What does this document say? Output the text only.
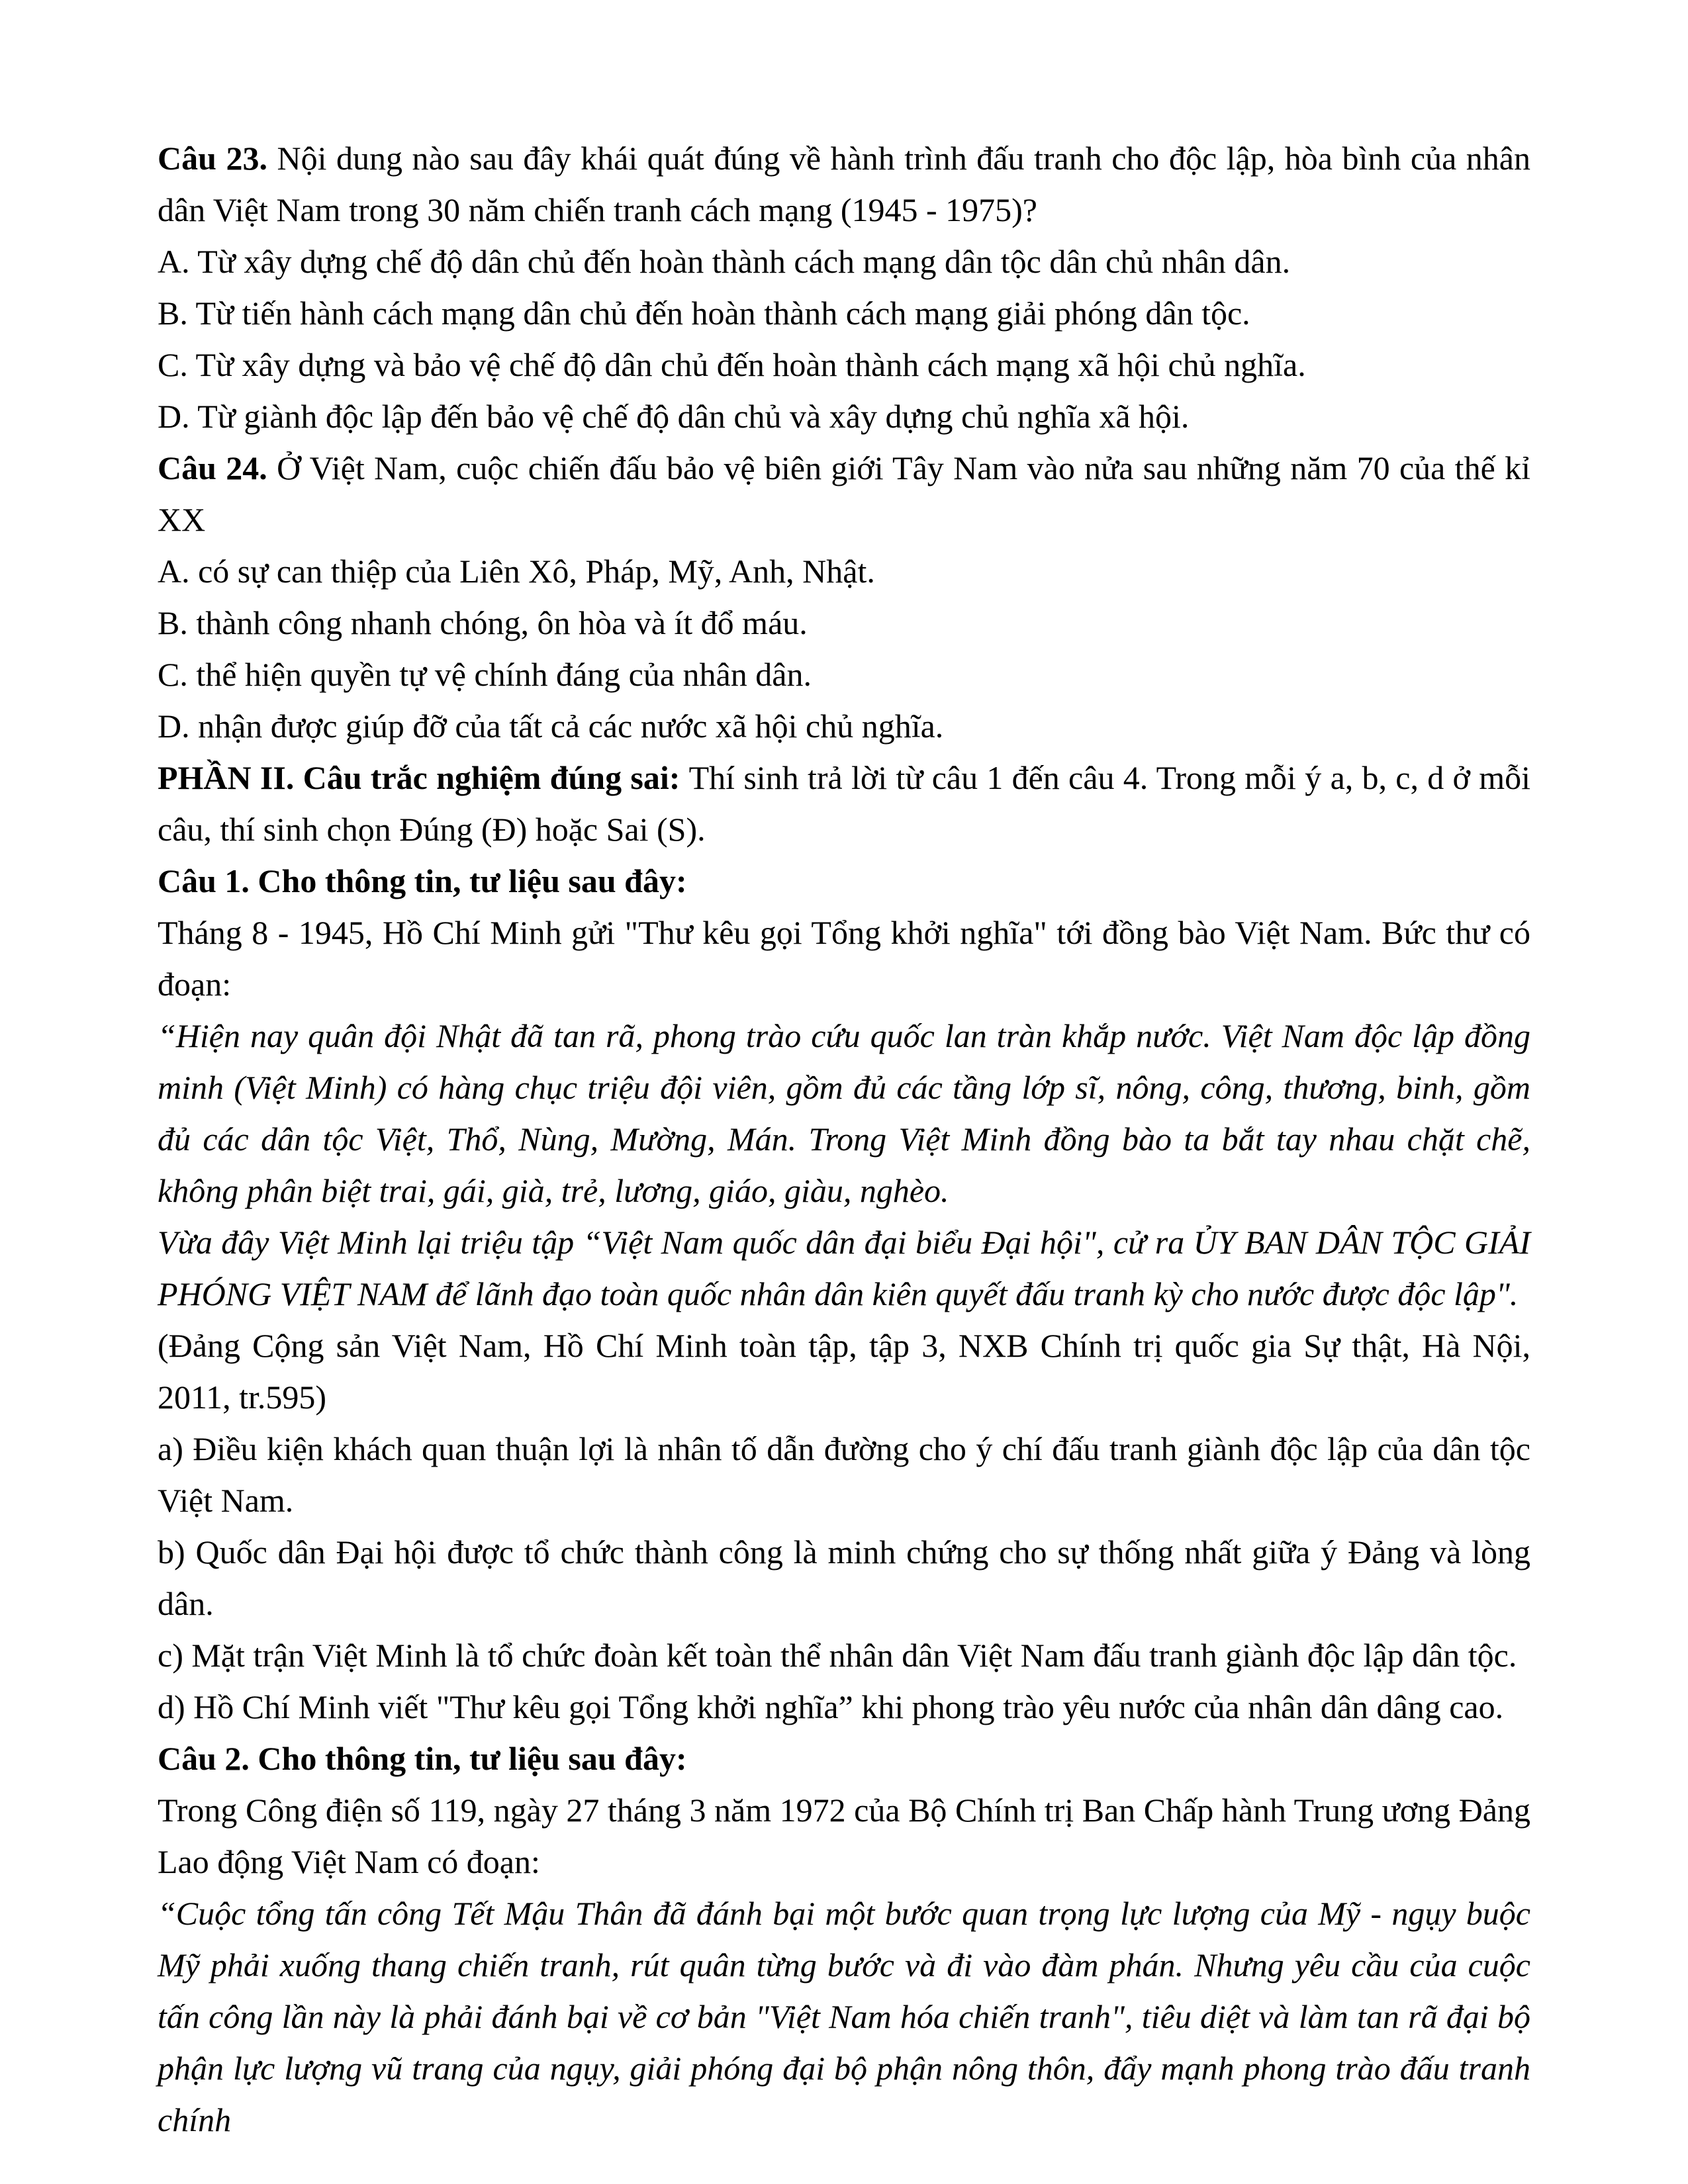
Câu 23. Nội dung nào sau đây khái quát đúng về hành trình đấu tranh cho độc lập, hòa bình của nhân dân Việt Nam trong 30 năm chiến tranh cách mạng (1945 - 1975)?

A. Từ xây dựng chế độ dân chủ đến hoàn thành cách mạng dân tộc dân chủ nhân dân.

B. Từ tiến hành cách mạng dân chủ đến hoàn thành cách mạng giải phóng dân tộc.

C. Từ xây dựng và bảo vệ chế độ dân chủ đến hoàn thành cách mạng xã hội chủ nghĩa.

D. Từ giành độc lập đến bảo vệ chế độ dân chủ và xây dựng chủ nghĩa xã hội.

Câu 24. Ở Việt Nam, cuộc chiến đấu bảo vệ biên giới Tây Nam vào nửa sau những năm 70 của thế kỉ XX

A. có sự can thiệp của Liên Xô, Pháp, Mỹ, Anh, Nhật.

B. thành công nhanh chóng, ôn hòa và ít đổ máu.

C. thể hiện quyền tự vệ chính đáng của nhân dân.

D. nhận được giúp đỡ của tất cả các nước xã hội chủ nghĩa.

PHẦN II. Câu trắc nghiệm đúng sai: Thí sinh trả lời từ câu 1 đến câu 4. Trong mỗi ý a, b, c, d ở mỗi câu, thí sinh chọn Đúng (Đ) hoặc Sai (S).

Câu 1. Cho thông tin, tư liệu sau đây:

Tháng 8 - 1945, Hồ Chí Minh gửi "Thư kêu gọi Tổng khởi nghĩa" tới đồng bào Việt Nam. Bức thư có đoạn:

“Hiện nay quân đội Nhật đã tan rã, phong trào cứu quốc lan tràn khắp nước. Việt Nam độc lập đồng minh (Việt Minh) có hàng chục triệu đội viên, gồm đủ các tầng lớp sĩ, nông, công, thương, binh, gồm đủ các dân tộc Việt, Thổ, Nùng, Mường, Mán. Trong Việt Minh đồng bào ta bắt tay nhau chặt chẽ, không phân biệt trai, gái, già, trẻ, lương, giáo, giàu, nghèo.

Vừa đây Việt Minh lại triệu tập “Việt Nam quốc dân đại biểu Đại hội", cử ra ỦY BAN DÂN TỘC GIẢI PHÓNG VIỆT NAM để lãnh đạo toàn quốc nhân dân kiên quyết đấu tranh kỳ cho nước được độc lập".

(Đảng Cộng sản Việt Nam, Hồ Chí Minh toàn tập, tập 3, NXB Chính trị quốc gia Sự thật, Hà Nội, 2011, tr.595)

a) Điều kiện khách quan thuận lợi là nhân tố dẫn đường cho ý chí đấu tranh giành độc lập của dân tộc Việt Nam.

b) Quốc dân Đại hội được tổ chức thành công là minh chứng cho sự thống nhất giữa ý Đảng và lòng dân.

c) Mặt trận Việt Minh là tổ chức đoàn kết toàn thể nhân dân Việt Nam đấu tranh giành độc lập dân tộc.

d) Hồ Chí Minh viết "Thư kêu gọi Tổng khởi nghĩa” khi phong trào yêu nước của nhân dân dâng cao.

Câu 2. Cho thông tin, tư liệu sau đây:

Trong Công điện số 119, ngày 27 tháng 3 năm 1972 của Bộ Chính trị Ban Chấp hành Trung ương Đảng Lao động Việt Nam có đoạn:

“Cuộc tổng tấn công Tết Mậu Thân đã đánh bại một bước quan trọng lực lượng của Mỹ - ngụy buộc Mỹ phải xuống thang chiến tranh, rút quân từng bước và đi vào đàm phán. Nhưng yêu cầu của cuộc tấn công lần này là phải đánh bại về cơ bản "Việt Nam hóa chiến tranh", tiêu diệt và làm tan rã đại bộ phận lực lượng vũ trang của ngụy, giải phóng đại bộ phận nông thôn, đẩy mạnh phong trào đấu tranh chính
